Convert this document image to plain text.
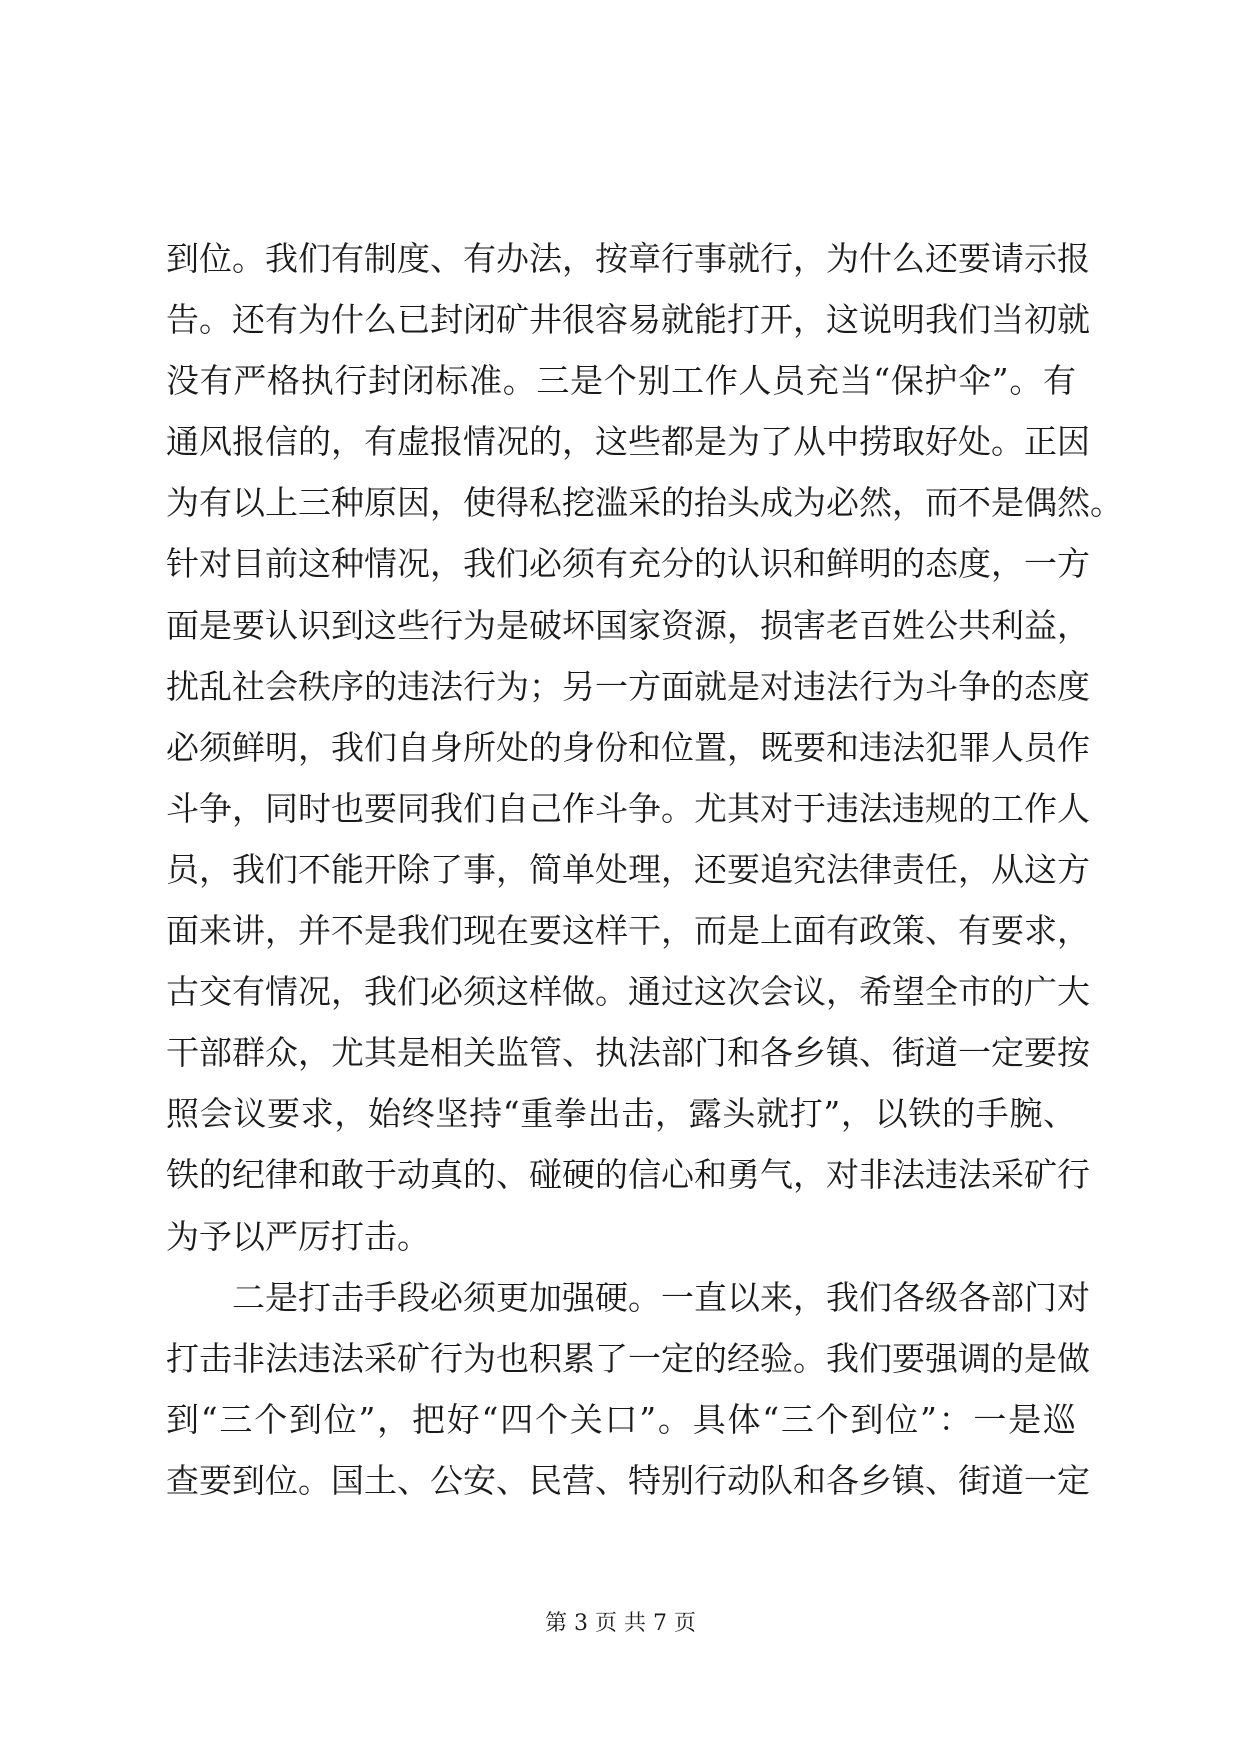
到位。我们有制度、有办法，按章行事就行，为什么还要请示报
告。还有为什么已封闭矿井很容易就能打开，这说明我们当初就
没有严格执行封闭标准。三是个别工作人员充当“保护伞”。有
通风报信的，有虚报情况的，这些都是为了从中捞取好处。正因
为有以上三种原因，使得私挖滥采的抬头成为必然，而不是偶然。
针对目前这种情况，我们必须有充分的认识和鲜明的态度，一方
面是要认识到这些行为是破坏国家资源，损害老百姓公共利益，
扰乱社会秩序的违法行为；另一方面就是对违法行为斗争的态度
必须鲜明，我们自身所处的身份和位置，既要和违法犯罪人员作
斗争，同时也要同我们自己作斗争。尤其对于违法违规的工作人
员，我们不能开除了事，简单处理，还要追究法律责任，从这方
面来讲，并不是我们现在要这样干，而是上面有政策、有要求，
古交有情况，我们必须这样做。通过这次会议，希望全市的广大
干部群众，尤其是相关监管、执法部门和各乡镇、街道一定要按
照会议要求，始终坚持“重拳出击，露头就打”，以铁的手腕、
铁的纪律和敢于动真的、碰硬的信心和勇气，对非法违法采矿行
为予以严厉打击。
二是打击手段必须更加强硬。一直以来，我们各级各部门对
打击非法违法采矿行为也积累了一定的经验。我们要强调的是做
到“三个到位”，把好“四个关口”。具体“三个到位”：一是巡
查要到位。国土、公安、民营、特别行动队和各乡镇、街道一定
第 3 页 共 7 页
